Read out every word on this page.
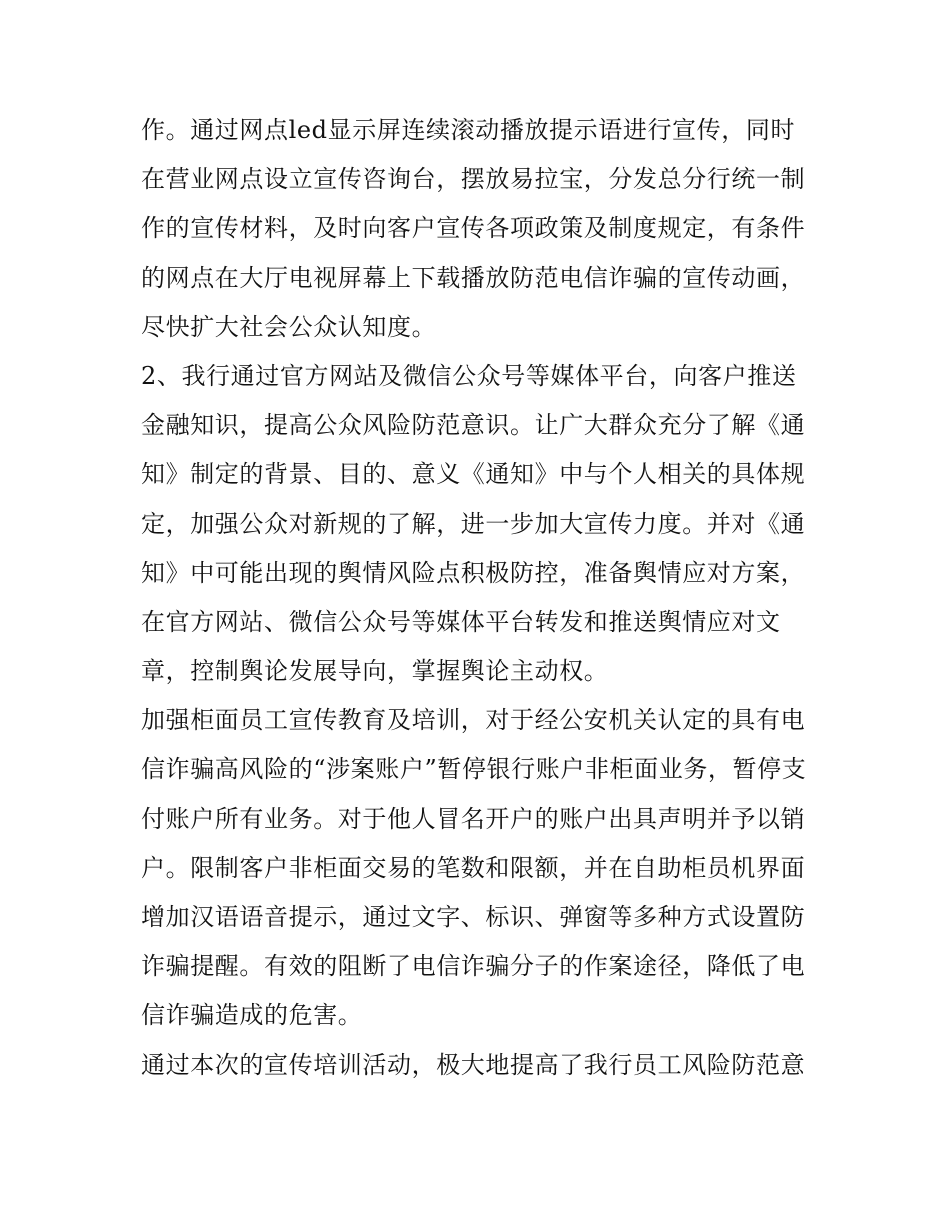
作。通过网点led显示屏连续滚动播放提示语进行宣传，同时
在营业网点设立宣传咨询台，摆放易拉宝，分发总分行统一制
作的宣传材料，及时向客户宣传各项政策及制度规定，有条件
的网点在大厅电视屏幕上下载播放防范电信诈骗的宣传动画，
尽快扩大社会公众认知度。
2、我行通过官方网站及微信公众号等媒体平台，向客户推送
金融知识，提高公众风险防范意识。让广大群众充分了解《通
知》制定的背景、目的、意义《通知》中与个人相关的具体规
定，加强公众对新规的了解，进一步加大宣传力度。并对《通
知》中可能出现的舆情风险点积极防控，准备舆情应对方案，
在官方网站、微信公众号等媒体平台转发和推送舆情应对文
章，控制舆论发展导向，掌握舆论主动权。
加强柜面员工宣传教育及培训，对于经公安机关认定的具有电
信诈骗高风险的“涉案账户”暂停银行账户非柜面业务，暂停支
付账户所有业务。对于他人冒名开户的账户出具声明并予以销
户。限制客户非柜面交易的笔数和限额，并在自助柜员机界面
增加汉语语音提示，通过文字、标识、弹窗等多种方式设置防
诈骗提醒。有效的阻断了电信诈骗分子的作案途径，降低了电
信诈骗造成的危害。
通过本次的宣传培训活动，极大地提高了我行员工风险防范意
